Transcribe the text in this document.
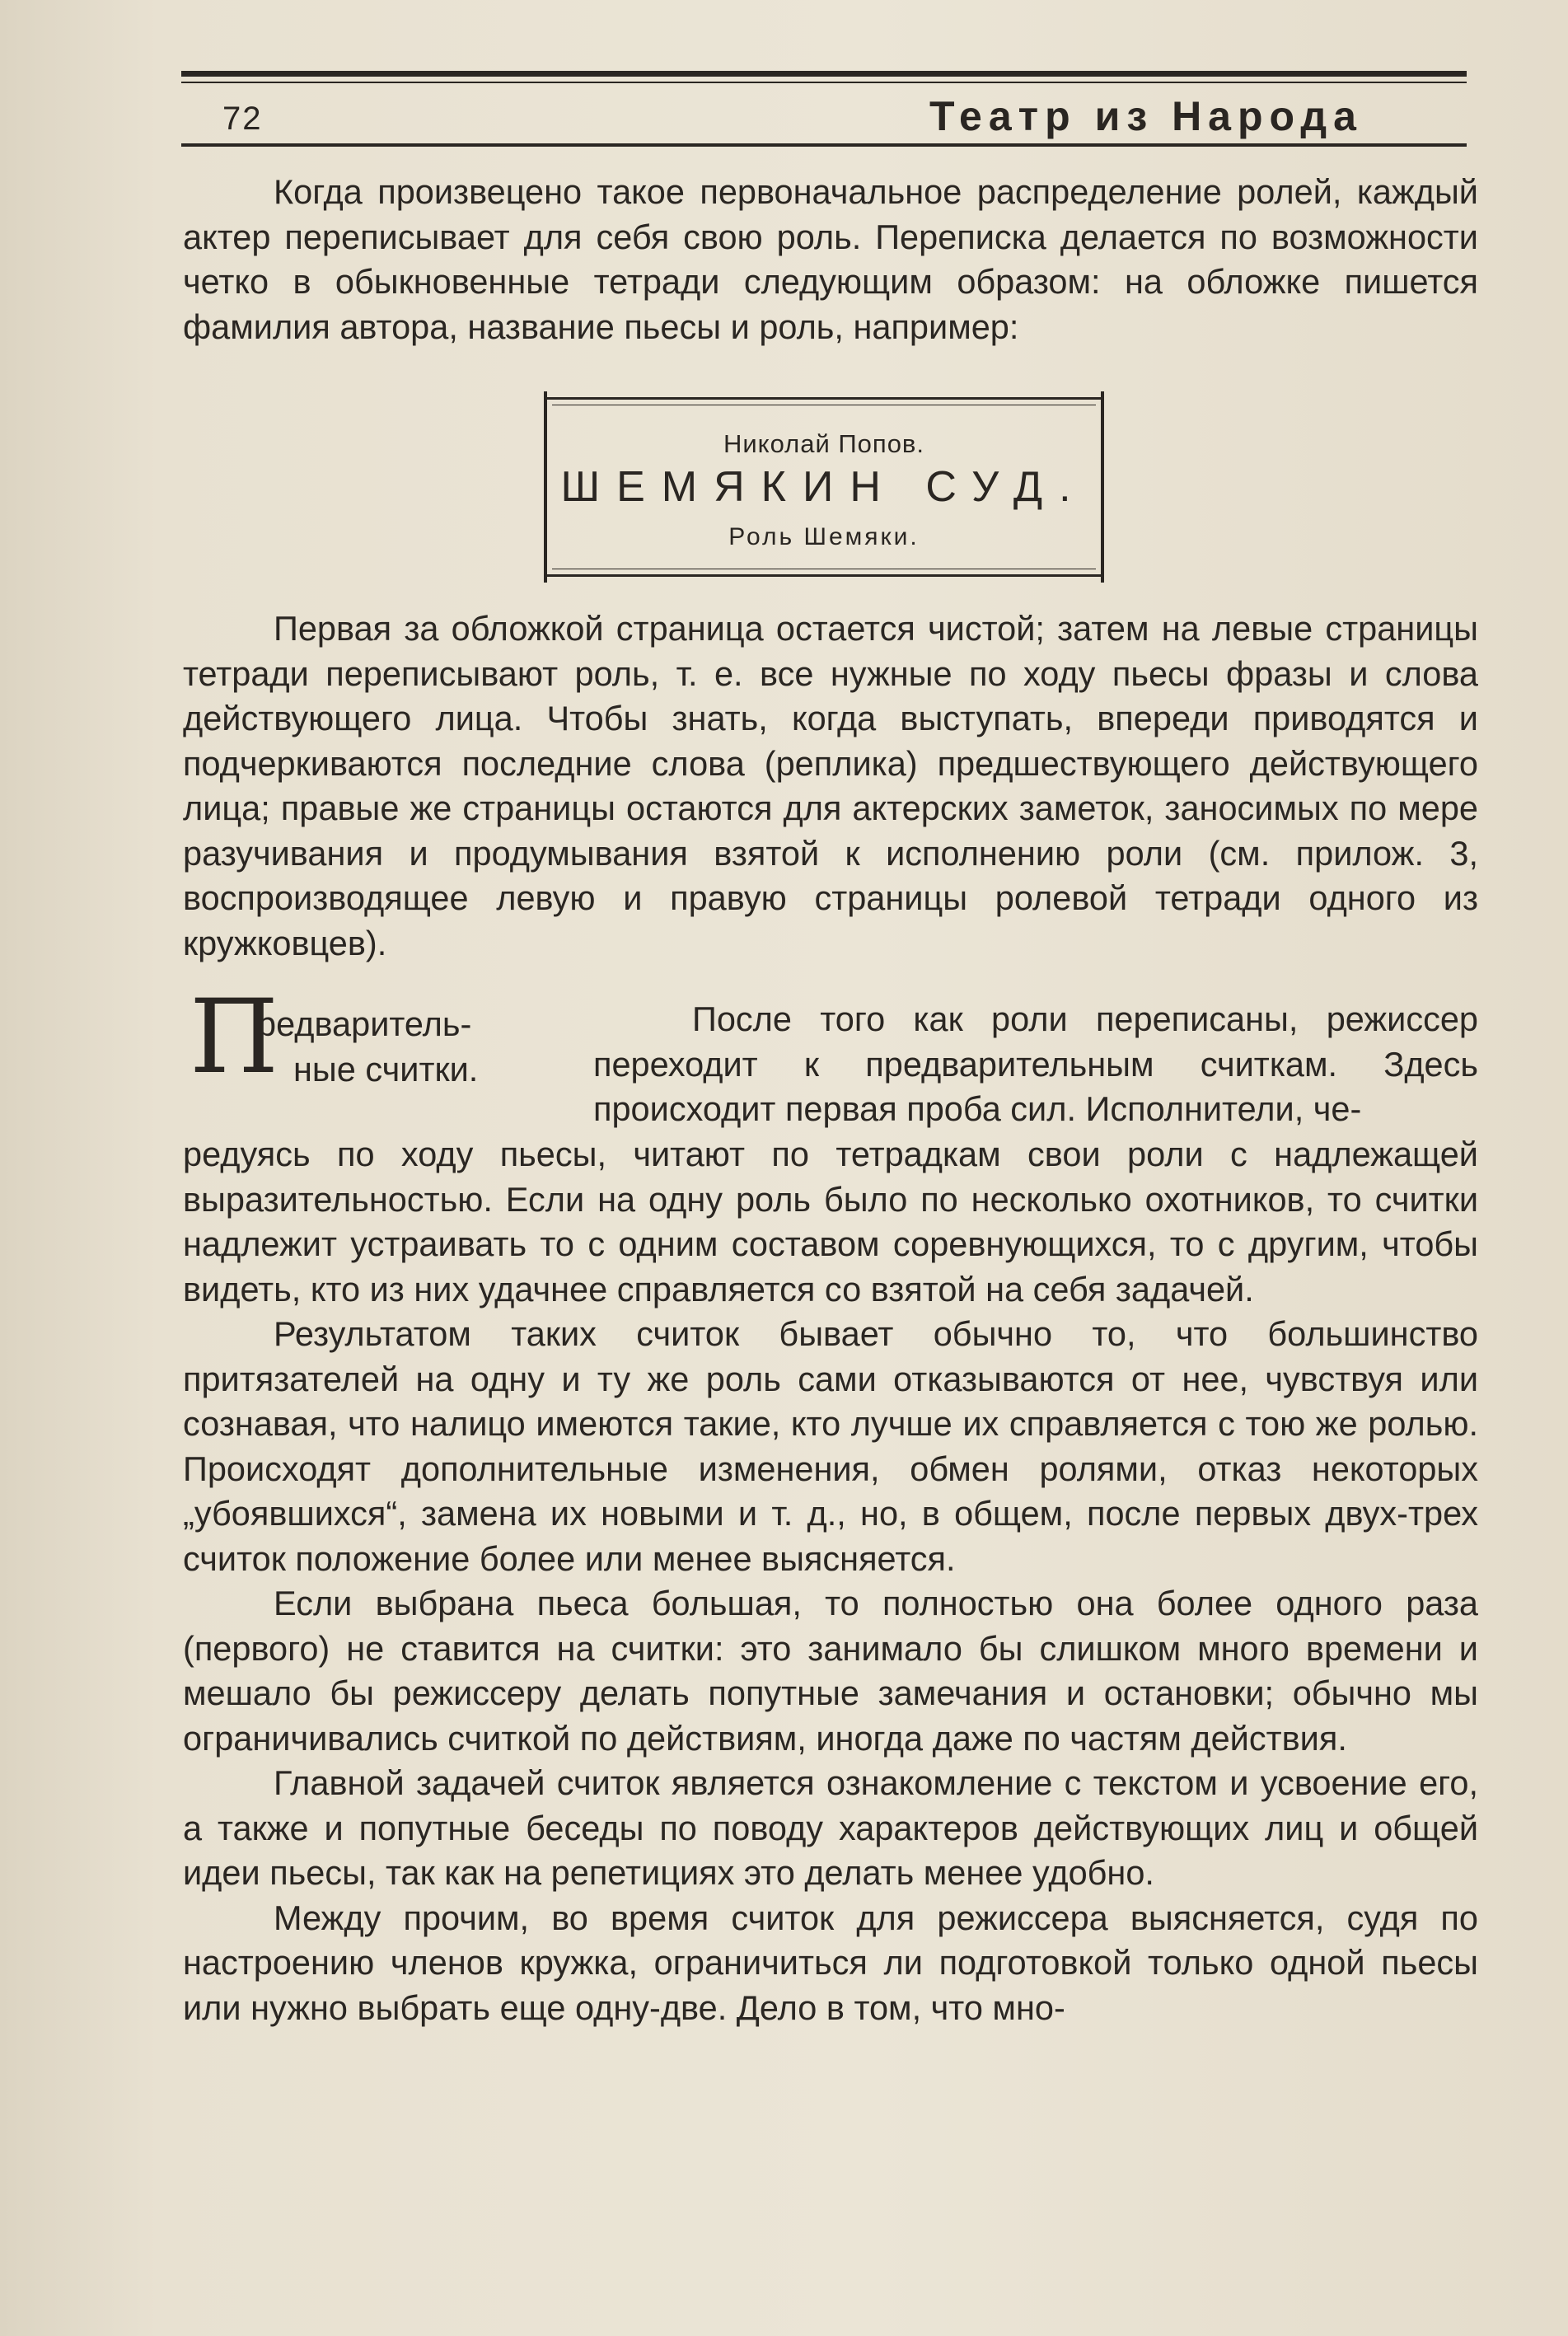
72	Театр из Народа

Когда произвецено такое первоначальное распределение ролей, каждый актер переписывает для себя свою роль. Переписка делается по возможности четко в обыкновенные тетради следующим образом: на обложке пишется фамилия автора, название пьесы и роль, например:

Николай Попов.
ШЕМЯКИН СУД.
Роль Шемяки.

Первая за обложкой страница остается чистой; затем на левые страницы тетради переписывают роль, т. е. все нужные по ходу пьесы фразы и слова действующего лица. Чтобы знать, когда выступать, впереди приводятся и подчеркиваются последние слова (реплика) предшествующего действующего лица; правые же страницы остаются для актерских заметок, заносимых по мере разучивания и продумывания взятой к исполнению роли (см. прилож. 3, воспроизводящее левую и правую страницы ролевой тетради одного из кружковцев).

П
редваритель-
ные считки.
После того как роли переписаны, режиссер переходит к предварительным считкам. Здесь происходит первая проба сил. Исполнители, че-

редуясь по ходу пьесы, читают по тетрадкам свои роли с надлежащей выразительностью. Если на одну роль было по несколько охотников, то считки надлежит устраивать то с одним составом соревнующихся, то с другим, чтобы видеть, кто из них удачнее справляется со взятой на себя задачей.

Результатом таких считок бывает обычно то, что большинство притязателей на одну и ту же роль сами отказываются от нее, чувствуя или сознавая, что налицо имеются такие, кто лучше их справляется с тою же ролью. Происходят дополнительные изменения, обмен ролями, отказ некоторых „убоявшихся“, замена их новыми и т. д., но, в общем, после первых двух-трех считок положение более или менее выясняется.

Если выбрана пьеса большая, то полностью она более одного раза (первого) не ставится на считки: это занимало бы слишком много времени и мешало бы режиссеру делать попутные замечания и остановки; обычно мы ограничивались считкой по действиям, иногда даже по частям действия.

Главной задачей считок является ознакомление с текстом и усвоение его, а также и попутные беседы по поводу характеров действующих лиц и общей идеи пьесы, так как на репетициях это делать менее удобно.

Между прочим, во время считок для режиссера выясняется, судя по настроению членов кружка, ограничиться ли подготовкой только одной пьесы или нужно выбрать еще одну-две. Дело в том, что мно-
